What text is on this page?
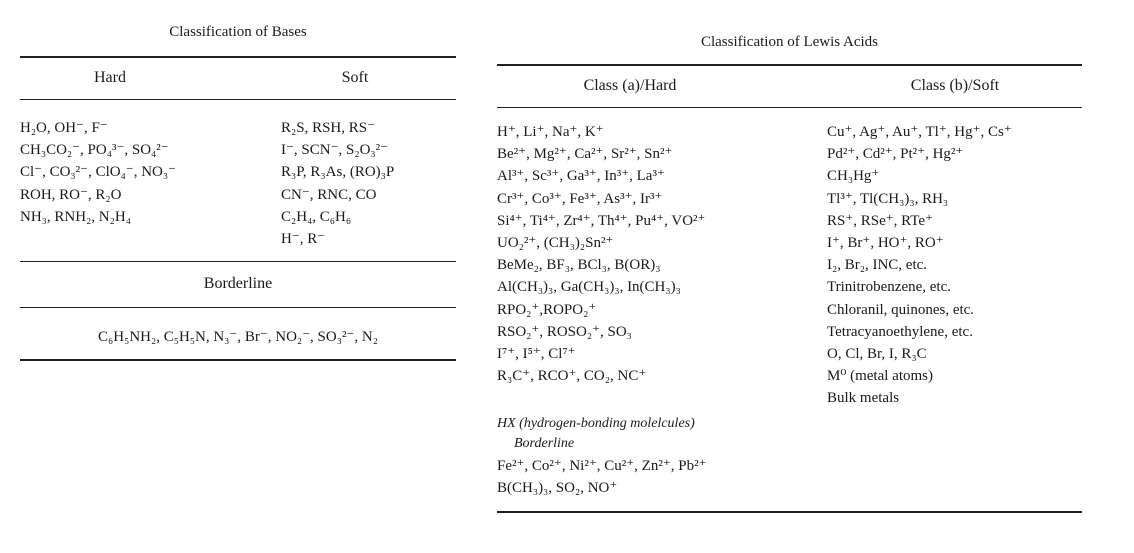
Classification of Bases
Hard	Soft
H₂O, OH⁻, F⁻
CH₃CO₂⁻, PO₄³⁻, SO₄²⁻
Cl⁻, CO₃²⁻, ClO₄⁻, NO₃⁻
ROH, RO⁻, R₂O
NH₃, RNH₂, N₂H₄
R₂S, RSH, RS⁻
I⁻, SCN⁻, S₂O₃²⁻
R₃P, R₃As, (RO)₃P
CN⁻, RNC, CO
C₂H₄, C₆H₆
H⁻, R⁻
Borderline
C₆H₅NH₂, C₅H₅N, N₃⁻, Br⁻, NO₂⁻, SO₃²⁻, N₂
Classification of Lewis Acids
Class (a)/Hard	Class (b)/Soft
H⁺, Li⁺, Na⁺, K⁺
Be²⁺, Mg²⁺, Ca²⁺, Sr²⁺, Sn²⁺
Al³⁺, Sc³⁺, Ga³⁺, In³⁺, La³⁺
Cr³⁺, Co³⁺, Fe³⁺, As³⁺, Ir³⁺
Si⁴⁺, Ti⁴⁺, Zr⁴⁺, Th⁴⁺, Pu⁴⁺, VO²⁺
UO₂²⁺, (CH₃)₂Sn²⁺
BeMe₂, BF₃, BCl₃, B(OR)₃
Al(CH₃)₃, Ga(CH₃)₃, In(CH₃)₃
RPO₂⁺,ROPO₂⁺
RSO₂⁺, ROSO₂⁺, SO₃
I⁷⁺, I⁵⁺, Cl⁷⁺
R₃C⁺, RCO⁺, CO₂, NC⁺
Cu⁺, Ag⁺, Au⁺, Tl⁺, Hg⁺, Cs⁺
Pd²⁺, Cd²⁺, Pt²⁺, Hg²⁺
CH₃Hg⁺
Tl³⁺, Tl(CH₃)₃, RH₃
RS⁺, RSe⁺, RTe⁺
I⁺, Br⁺, HO⁺, RO⁺
I₂, Br₂, INC, etc.
Trinitrobenzene, etc.
Chloranil, quinones, etc.
Tetracyanoethylene, etc.
O, Cl, Br, I, R₃C
M⁰ (metal atoms)
Bulk metals
HX (hydrogen-bonding molelcules)
Borderline
Fe²⁺, Co²⁺, Ni²⁺, Cu²⁺, Zn²⁺, Pb²⁺
B(CH₃)₃, SO₂, NO⁺
